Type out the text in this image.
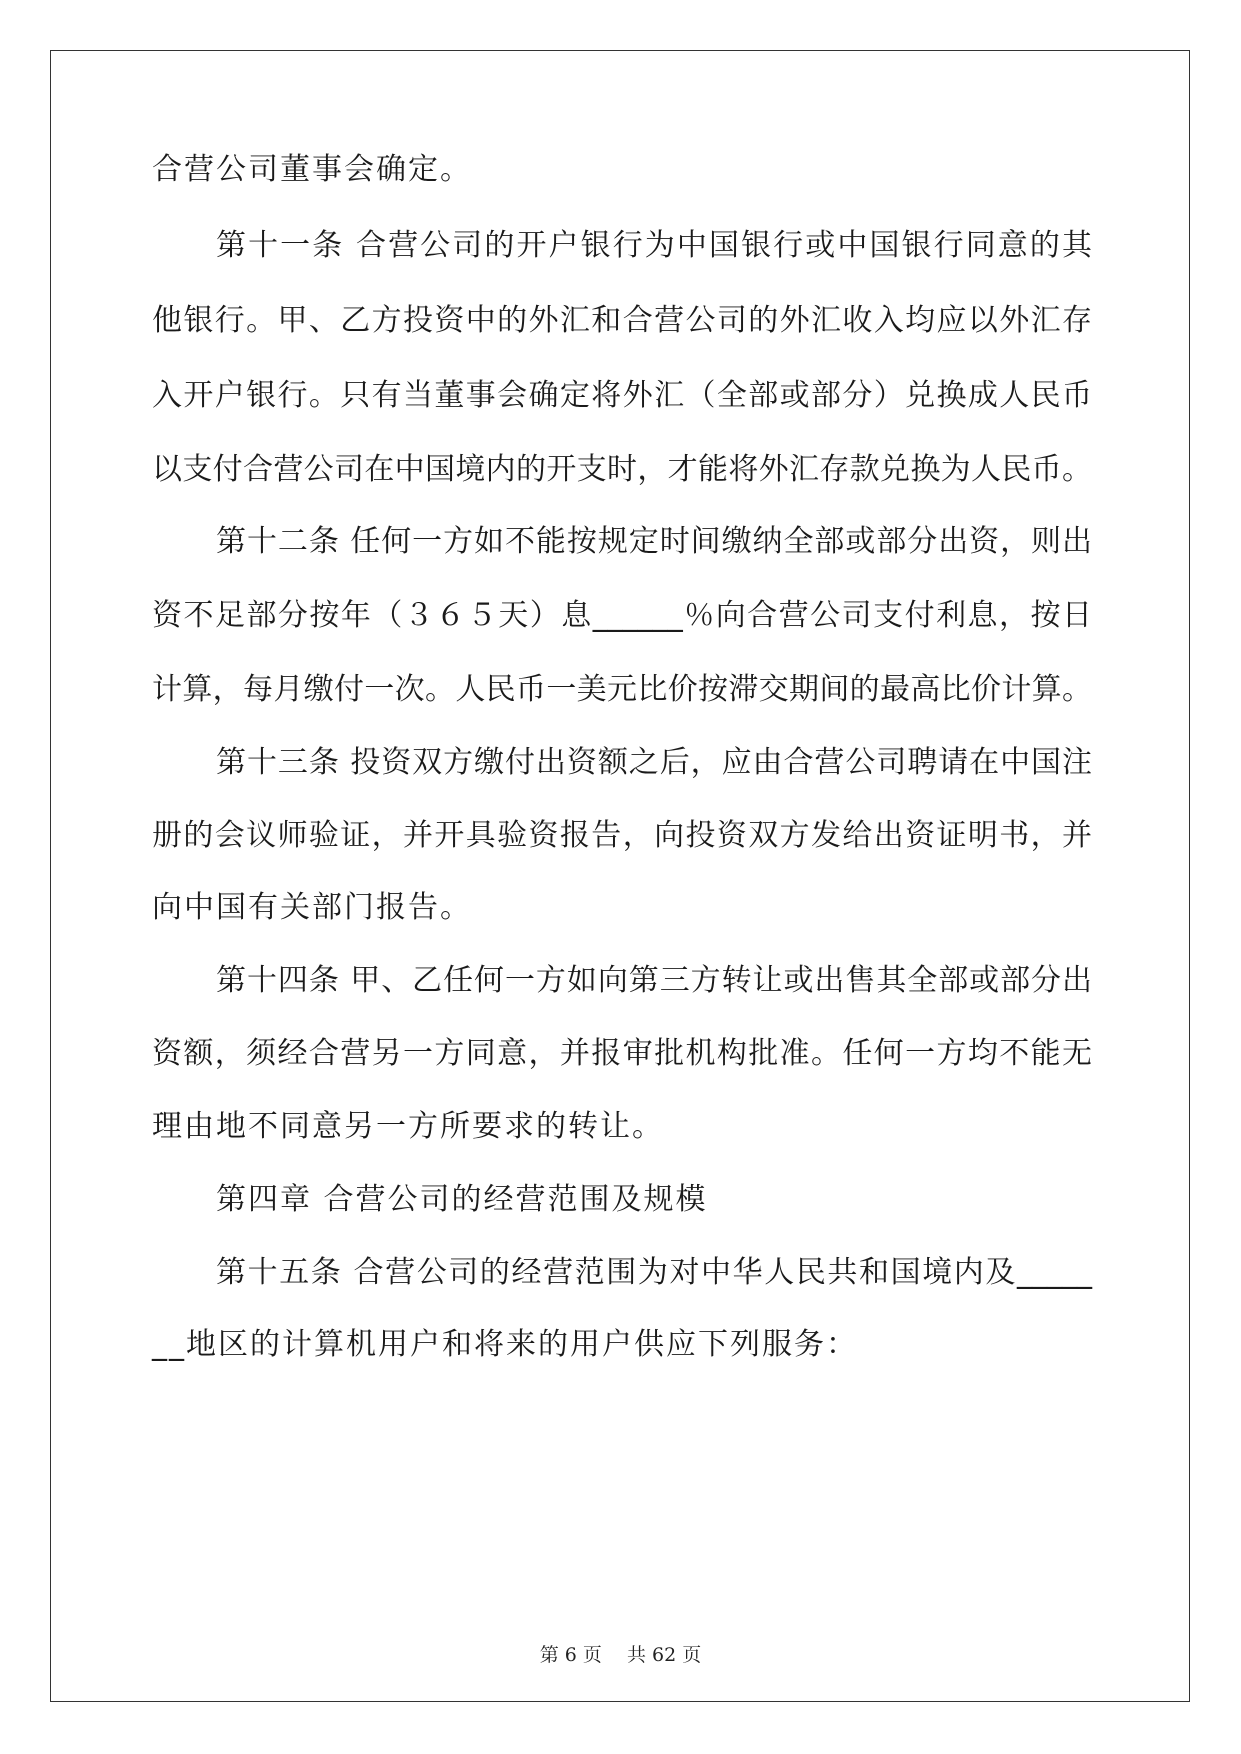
合营公司董事会确定。
第十一条 合营公司的开户银行为中国银行或中国银行同意的其
他银行。甲、乙方投资中的外汇和合营公司的外汇收入均应以外汇存
入开户银行。只有当董事会确定将外汇（全部或部分）兑换成人民币
以支付合营公司在中国境内的开支时，才能将外汇存款兑换为人民币。
第十二条 任何一方如不能按规定时间缴纳全部或部分出资，则出
资不足部分按年（３６５天）息______％向合营公司支付利息，按日
计算，每月缴付一次。人民币一美元比价按滞交期间的最高比价计算。
第十三条 投资双方缴付出资额之后，应由合营公司聘请在中国注
册的会议师验证，并开具验资报告，向投资双方发给出资证明书，并
向中国有关部门报告。
第十四条 甲、乙任何一方如向第三方转让或出售其全部或部分出
资额，须经合营另一方同意，并报审批机构批准。任何一方均不能无
理由地不同意另一方所要求的转让。
第四章 合营公司的经营范围及规模
第十五条 合营公司的经营范围为对中华人民共和国境内及_____
__地区的计算机用户和将来的用户供应下列服务：
第 6 页　 共 62 页
